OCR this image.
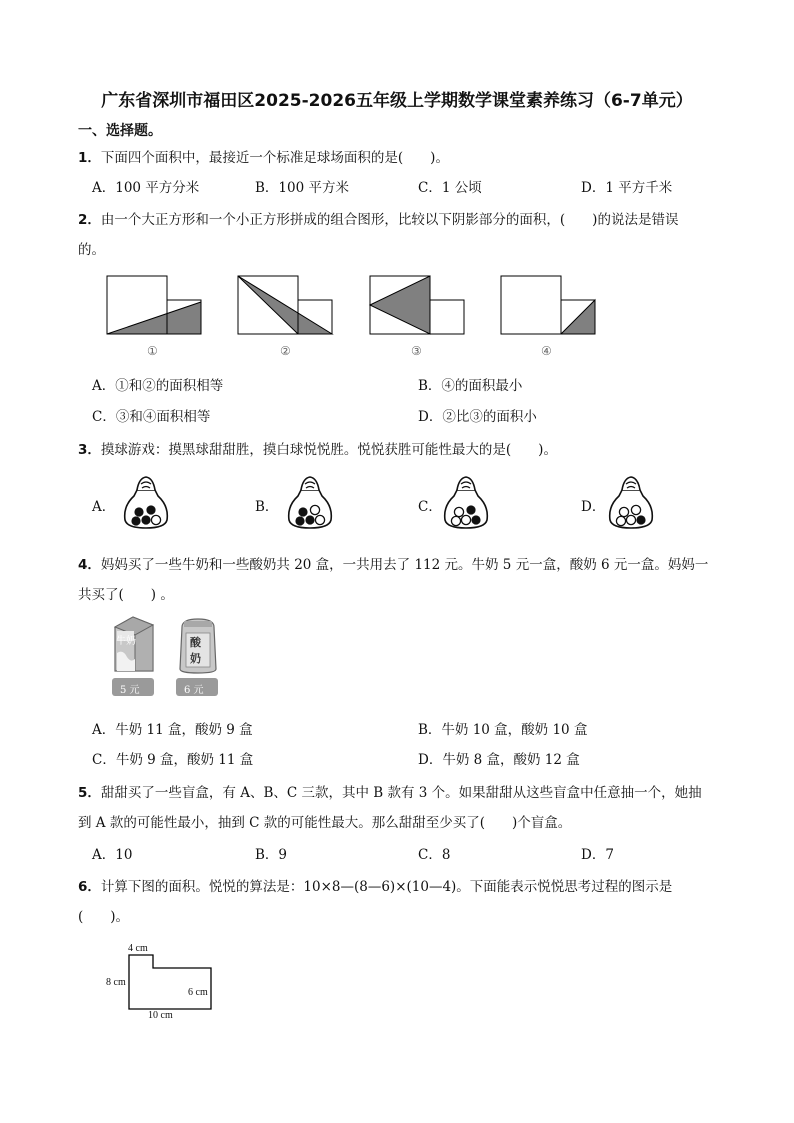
广东省深圳市福田区2025-2026五年级上学期数学课堂素养练习（6-7单元）
一、选择题。
1．下面四个面积中，最接近一个标准足球场面积的是(　　)。
A．100 平方分米	B．100 平方米	C．1 公顷	D．1 平方千米
2．由一个大正方形和一个小正方形拼成的组合图形，比较以下阴影部分的面积，(　　)的说法是错误
的。
①	②	③	④
A．①和②的面积相等	B．④的面积最小
C．③和④面积相等	D．②比③的面积小
3．摸球游戏：摸黑球甜甜胜，摸白球悦悦胜。悦悦获胜可能性最大的是(　　)。
A．	B．	C．	D．
4．妈妈买了一些牛奶和一些酸奶共 20 盒，一共用去了 112 元。牛奶 5 元一盒，酸奶 6 元一盒。妈妈一
共买了(　　) 。
牛奶	酸
奶
5 元	6 元
A．牛奶 11 盒，酸奶 9 盒	B．牛奶 10 盒，酸奶 10 盒
C．牛奶 9 盒，酸奶 11 盒	D．牛奶 8 盒，酸奶 12 盒
5．甜甜买了一些盲盒，有 A、B、C 三款，其中 B 款有 3 个。如果甜甜从这些盲盒中任意抽一个，她抽
到 A 款的可能性最小，抽到 C 款的可能性最大。那么甜甜至少买了(　　)个盲盒。
A．10	B．9	C．8	D．7
6．计算下图的面积。悦悦的算法是：10×8—(8—6)×(10—4)。下面能表示悦悦思考过程的图示是
(　　)。
4 cm
8 cm
6 cm
10 cm
